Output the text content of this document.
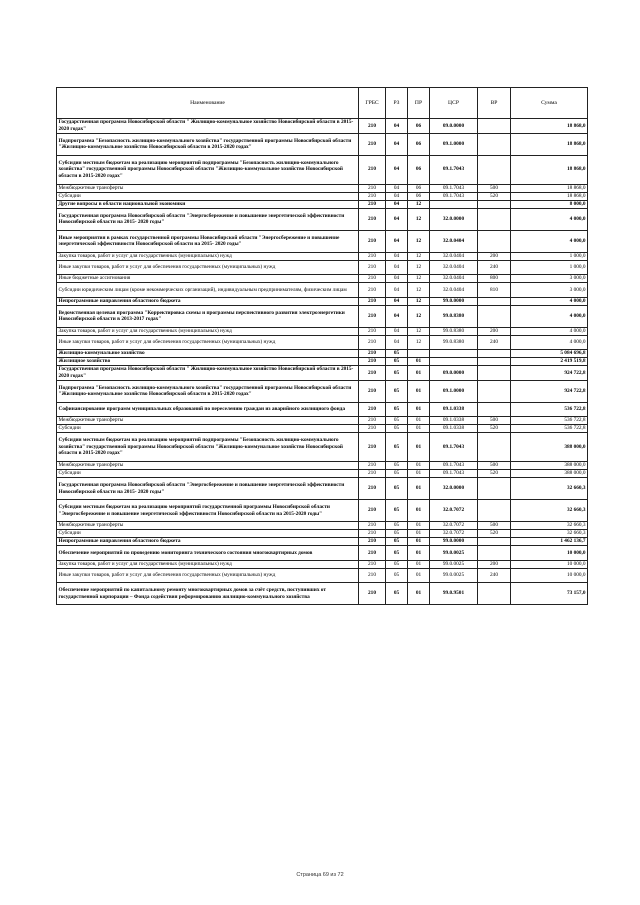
Наименование	ГРБС	РЗ	ПР	ЦСР	ВР	Сумма
Государственная программа Новосибирской области " Жилищно-коммунальное хозяйство Новосибирской области в 2015-2020 годах"	210	04	06	09.0.0000		18 868,0
Подпрограмма "Безопасность жилищно-коммунального хозяйства" государственной программы Новосибирской области "Жилищно-коммунальное хозяйство Новосибирской области в 2015-2020 годах"	210	04	06	09.1.0000		18 868,0
Субсидии местным бюджетам на реализацию мероприятий подпрограммы "Безопасность жилищно-коммунального хозяйства" государственной программы Новосибирской области "Жилищно-коммунальное хозяйство Новосибирской области в 2015-2020 годах"	210	04	06	09.1.7043		18 868,0
Межбюджетные трансферты	210	04	06	09.1.7043	500	18 868,0
Субсидии	210	04	06	09.1.7043	520	18 868,0
Другие вопросы в области национальной экономики	210	04	12			8 000,0
Государственная программа Новосибирской области "Энергосбережение и повышение энергетической эффективности Новосибирской области на 2015- 2020 годы"	210	04	12	32.0.0000		4 000,0
Иные мероприятия в рамках государственной программы Новосибирской области "Энергосбережение и повышение энергетической эффективности Новосибирской области на 2015- 2020 годы"	210	04	12	32.0.0404		4 000,0
Закупка товаров, работ и услуг для государственных (муниципальных) нужд	210	04	12	32.0.0404	200	1 000,0
Иные закупки товаров, работ и услуг для обеспечения государственных (муниципальных) нужд	210	04	12	32.0.0404	240	1 000,0
Иные бюджетные ассигнования	210	04	12	32.0.0404	800	3 000,0
Субсидии юридическим лицам (кроме некоммерческих организаций), индивидуальным предпринимателям, физическим лицам	210	04	12	32.0.0404	810	3 000,0
Непрограммные направления областного бюджета	210	04	12	99.0.0000		4 000,0
Ведомственная целевая программа "Корректировка схемы и программы перспективного развития электроэнергетики Новосибирской области в 2013-2017 годах"	210	04	12	99.0.8380		4 000,0
Закупка товаров, работ и услуг для государственных (муниципальных) нужд	210	04	12	99.0.8380	200	4 000,0
Иные закупки товаров, работ и услуг для обеспечения государственных (муниципальных) нужд	210	04	12	99.0.8380	240	4 000,0
Жилищно-коммунальное хозяйство	210	05				5 084 696,8
Жилищное хозяйство	210	05	01			2 419 519,8
Государственная программа Новосибирской области " Жилищно-коммунальное хозяйство Новосибирской области в 2015-2020 годах"	210	05	01	09.0.0000		924 722,8
Подпрограмма "Безопасность жилищно-коммунального хозяйства" государственной программы Новосибирской области "Жилищно-коммунальное хозяйство Новосибирской области в 2015-2020 годах"	210	05	01	09.1.0000		924 722,8
Софинансирование программ муниципальных образований по переселению граждан из аварийного жилищного фонда	210	05	01	09.1.0338		536 722,8
Межбюджетные трансферты	210	05	01	09.1.0338	500	536 722,8
Субсидии	210	05	01	09.1.0338	520	536 722,8
Субсидии местным бюджетам на реализацию мероприятий подпрограммы "Безопасность жилищно-коммунального хозяйства" государственной программы Новосибирской области "Жилищно-коммунальное хозяйство Новосибирской области в 2015-2020 годах"	210	05	01	09.1.7043		388 000,0
Межбюджетные трансферты	210	05	01	09.1.7043	500	388 000,0
Субсидии	210	05	01	09.1.7043	520	388 000,0
Государственная программа Новосибирской области "Энергосбережение и повышение энергетической эффективности Новосибирской области на 2015- 2020 годы"	210	05	01	32.0.0000		32 660,3
Субсидии местным бюджетам на реализацию мероприятий государственной программы Новосибирской области "Энергосбережение и повышение энергетической эффективности Новосибирской области на 2015-2020 годы"	210	05	01	32.0.7072		32 660,3
Межбюджетные трансферты	210	05	01	32.0.7072	500	32 660,3
Субсидии	210	05	01	32.0.7072	520	32 660,3
Непрограммные направления областного бюджета	210	05	01	99.0.0000		1 462 136,7
Обеспечение мероприятий по проведению мониторинга технического состояния многоквартирных домов	210	05	01	99.0.0025		10 000,0
Закупка товаров, работ и услуг для государственных (муниципальных) нужд	210	05	01	99.0.0025	200	10 000,0
Иные закупки товаров, работ и услуг для обеспечения государственных (муниципальных) нужд	210	05	01	99.0.0025	240	10 000,0
Обеспечение мероприятий по капитальному ремонту многоквартирных домов за счёт средств, поступивших от государственной корпорации – Фонда содействия реформированию жилищно-коммунального хозяйства	210	05	01	99.0.9501		73 157,0
Страница 69 из 72
